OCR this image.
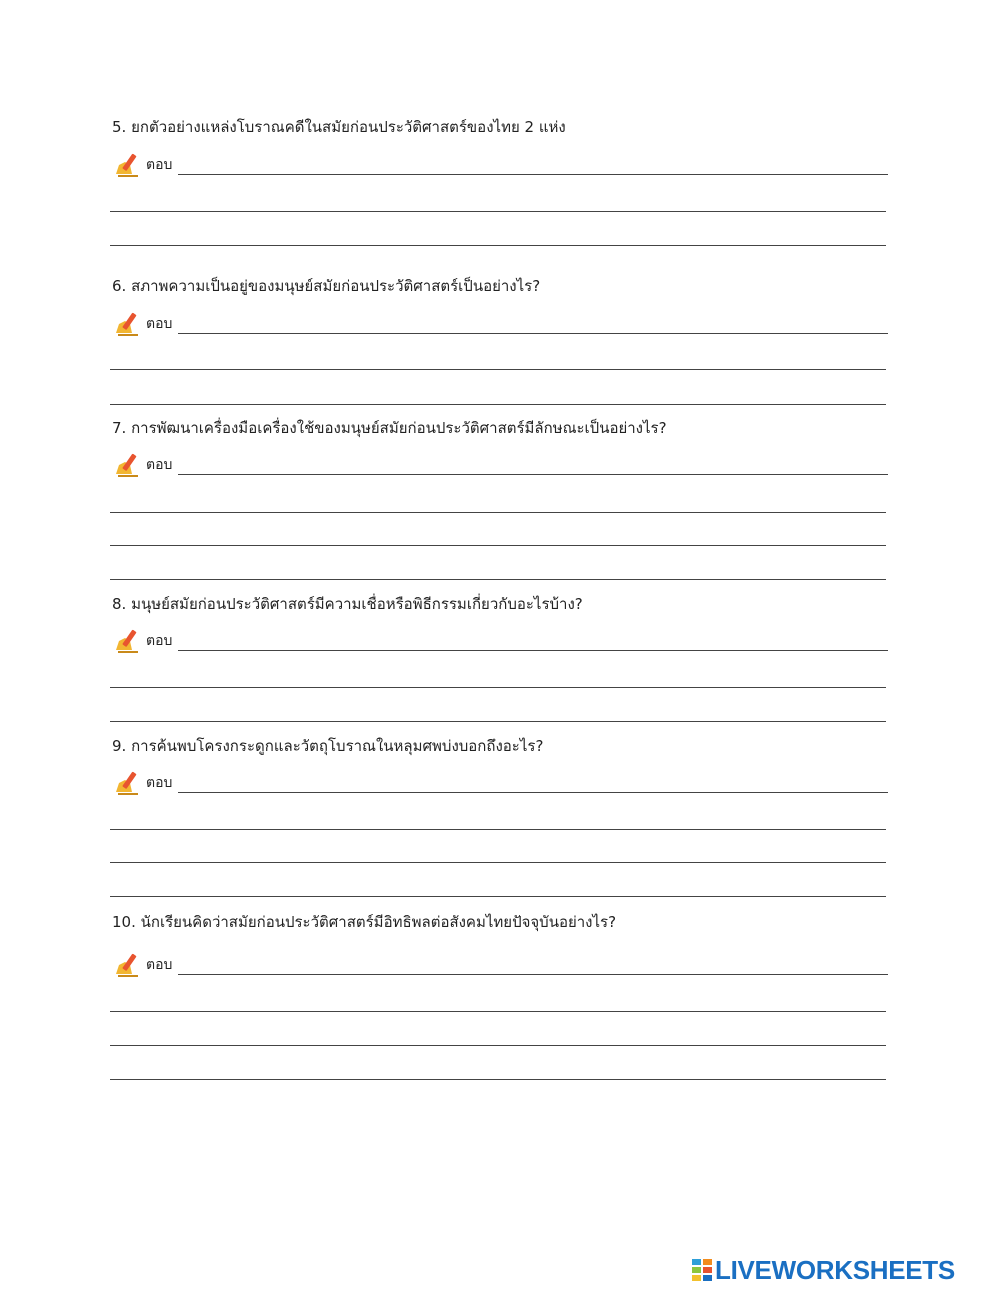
5. ยกตัวอย่างแหล่งโบราณคดีในสมัยก่อนประวัติศาสตร์ของไทย 2 แห่ง
ตอบ
6. สภาพความเป็นอยู่ของมนุษย์สมัยก่อนประวัติศาสตร์เป็นอย่างไร?
ตอบ
7. การพัฒนาเครื่องมือเครื่องใช้ของมนุษย์สมัยก่อนประวัติศาสตร์มีลักษณะเป็นอย่างไร?
ตอบ
8. มนุษย์สมัยก่อนประวัติศาสตร์มีความเชื่อหรือพิธีกรรมเกี่ยวกับอะไรบ้าง?
ตอบ
9. การค้นพบโครงกระดูกและวัตถุโบราณในหลุมศพบ่งบอกถึงอะไร?
ตอบ
10. นักเรียนคิดว่าสมัยก่อนประวัติศาสตร์มีอิทธิพลต่อสังคมไทยปัจจุบันอย่างไร?
ตอบ
LIVEWORKSHEETS
